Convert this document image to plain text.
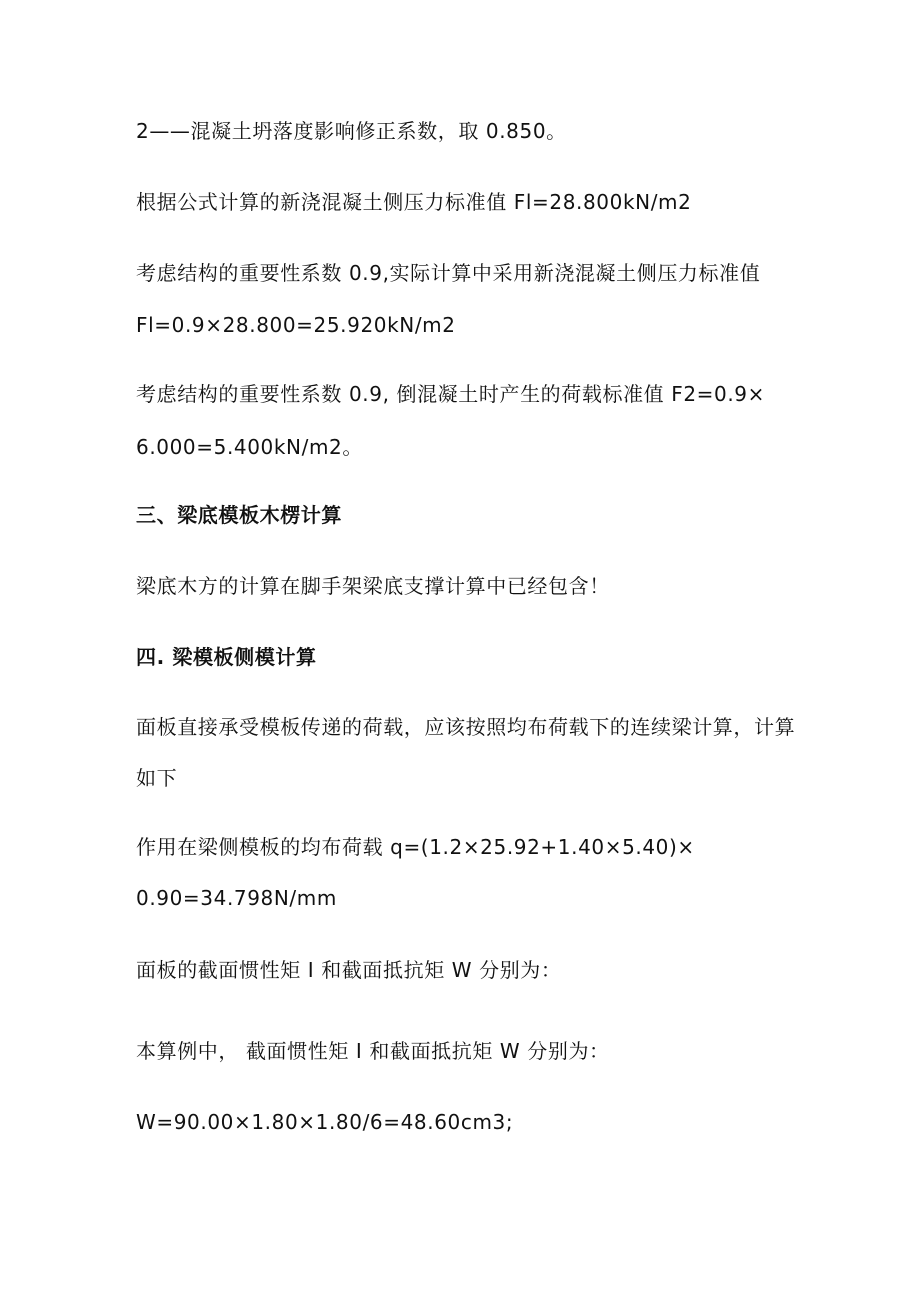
2——混凝土坍落度影响修正系数，取 0.850。
根据公式计算的新浇混凝土侧压力标准值 Fl=28.800kN/m2
考虑结构的重要性系数 0.9,实际计算中采用新浇混凝土侧压力标准值
Fl=0.9×28.800=25.920kN/m2
考虑结构的重要性系数 0.9, 倒混凝土时产生的荷载标准值 F2=0.9×
6.000=5.400kN/m2。
三、梁底模板木楞计算
梁底木方的计算在脚手架梁底支撑计算中已经包含！
四. 梁模板侧模计算
面板直接承受模板传递的荷载，应该按照均布荷载下的连续梁计算，计算
如下
作用在梁侧模板的均布荷载 q=(1.2×25.92+1.40×5.40)×
0.90=34.798N/mm
面板的截面惯性矩 I 和截面抵抗矩 W 分别为：
本算例中， 截面惯性矩 I 和截面抵抗矩 W 分别为：
W=90.00×1.80×1.80/6=48.60cm3;
